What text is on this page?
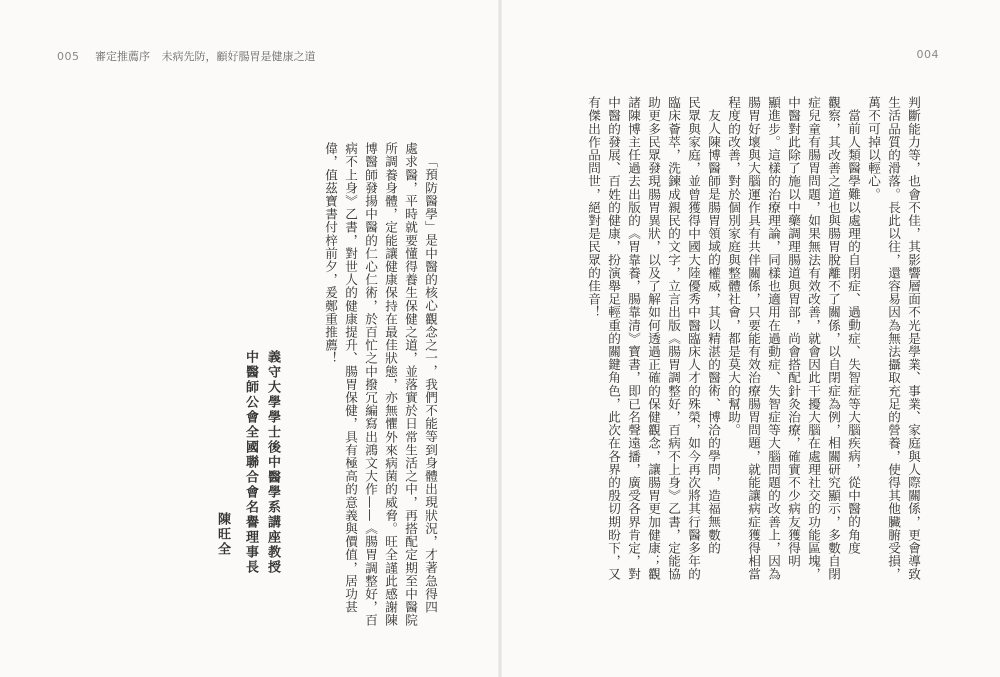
005 審定推薦序 未病先防，顧好腸胃是健康之道	004
判斷能力等，也會不佳，其影響層面不光是學業、事業、家庭與人際關係，更會導致
生活品質的滑落。長此以往，還容易因為無法攝取充足的營養，使得其他臟腑受損，
萬不可掉以輕心。
當前人類醫學難以處理的自閉症、過動症、失智症等大腦疾病，從中醫的角度
觀察，其改善之道也與腸胃脫離不了關係，以自閉症為例，相關研究顯示，多數自閉
症兒童有腸胃問題，如果無法有效改善，就會因此干擾大腦在處理社交的功能區塊，
中醫對此除了施以中藥調理腸道與胃部，尚會搭配針灸治療，確實不少病友獲得明
顯進步。這樣的治療理論，同樣也適用在過動症、失智症等大腦問題的改善上，因為
腸胃好壞與大腦運作具有共伴關係，只要能有效治療腸胃問題，就能讓病症獲得相當
程度的改善，對於個別家庭與整體社會，都是莫大的幫助。
友人陳博醫師是腸胃領域的權威，其以精湛的醫術、博洽的學問，造福無數的
民眾與家庭，並曾獲得中國大陸優秀中醫臨床人才的殊榮，如今再次將其行醫多年的
臨床薈萃，洗鍊成親民的文字，立言出版《腸胃調整好，百病不上身》乙書，定能協
助更多民眾發現腸胃異狀，以及了解如何透過正確的保健觀念，讓腸胃更加健康；觀
諸陳博主任過去出版的《胃靠養，腸靠清》寶書，即已名聲遠播，廣受各界肯定，對
中醫的發展、百姓的健康，扮演舉足輕重的關鍵角色，此次在各界的殷切期盼下，又
有傑出作品問世，絕對是民眾的佳音！
「預防醫學」是中醫的核心觀念之一，我們不能等到身體出現狀況，才著急得四
處求醫，平時就要懂得養生保健之道，並落實於日常生活之中，再搭配定期至中醫院
所調養身體，定能讓健康保持在最佳狀態，亦無懼外來病菌的威脅。旺全謹此感謝陳
博醫師發揚中醫的仁心仁術，於百忙之中撥冗編寫出鴻文大作——《腸胃調整好，百
病不上身》乙書，對世人的健康提升、腸胃保健，具有極高的意義與價值，居功甚
偉，值茲寶書付梓前夕，爰鄭重推薦！
義守大學學士後中醫學系講座教授
中醫師公會全國聯合會名譽理事長
陳旺全
